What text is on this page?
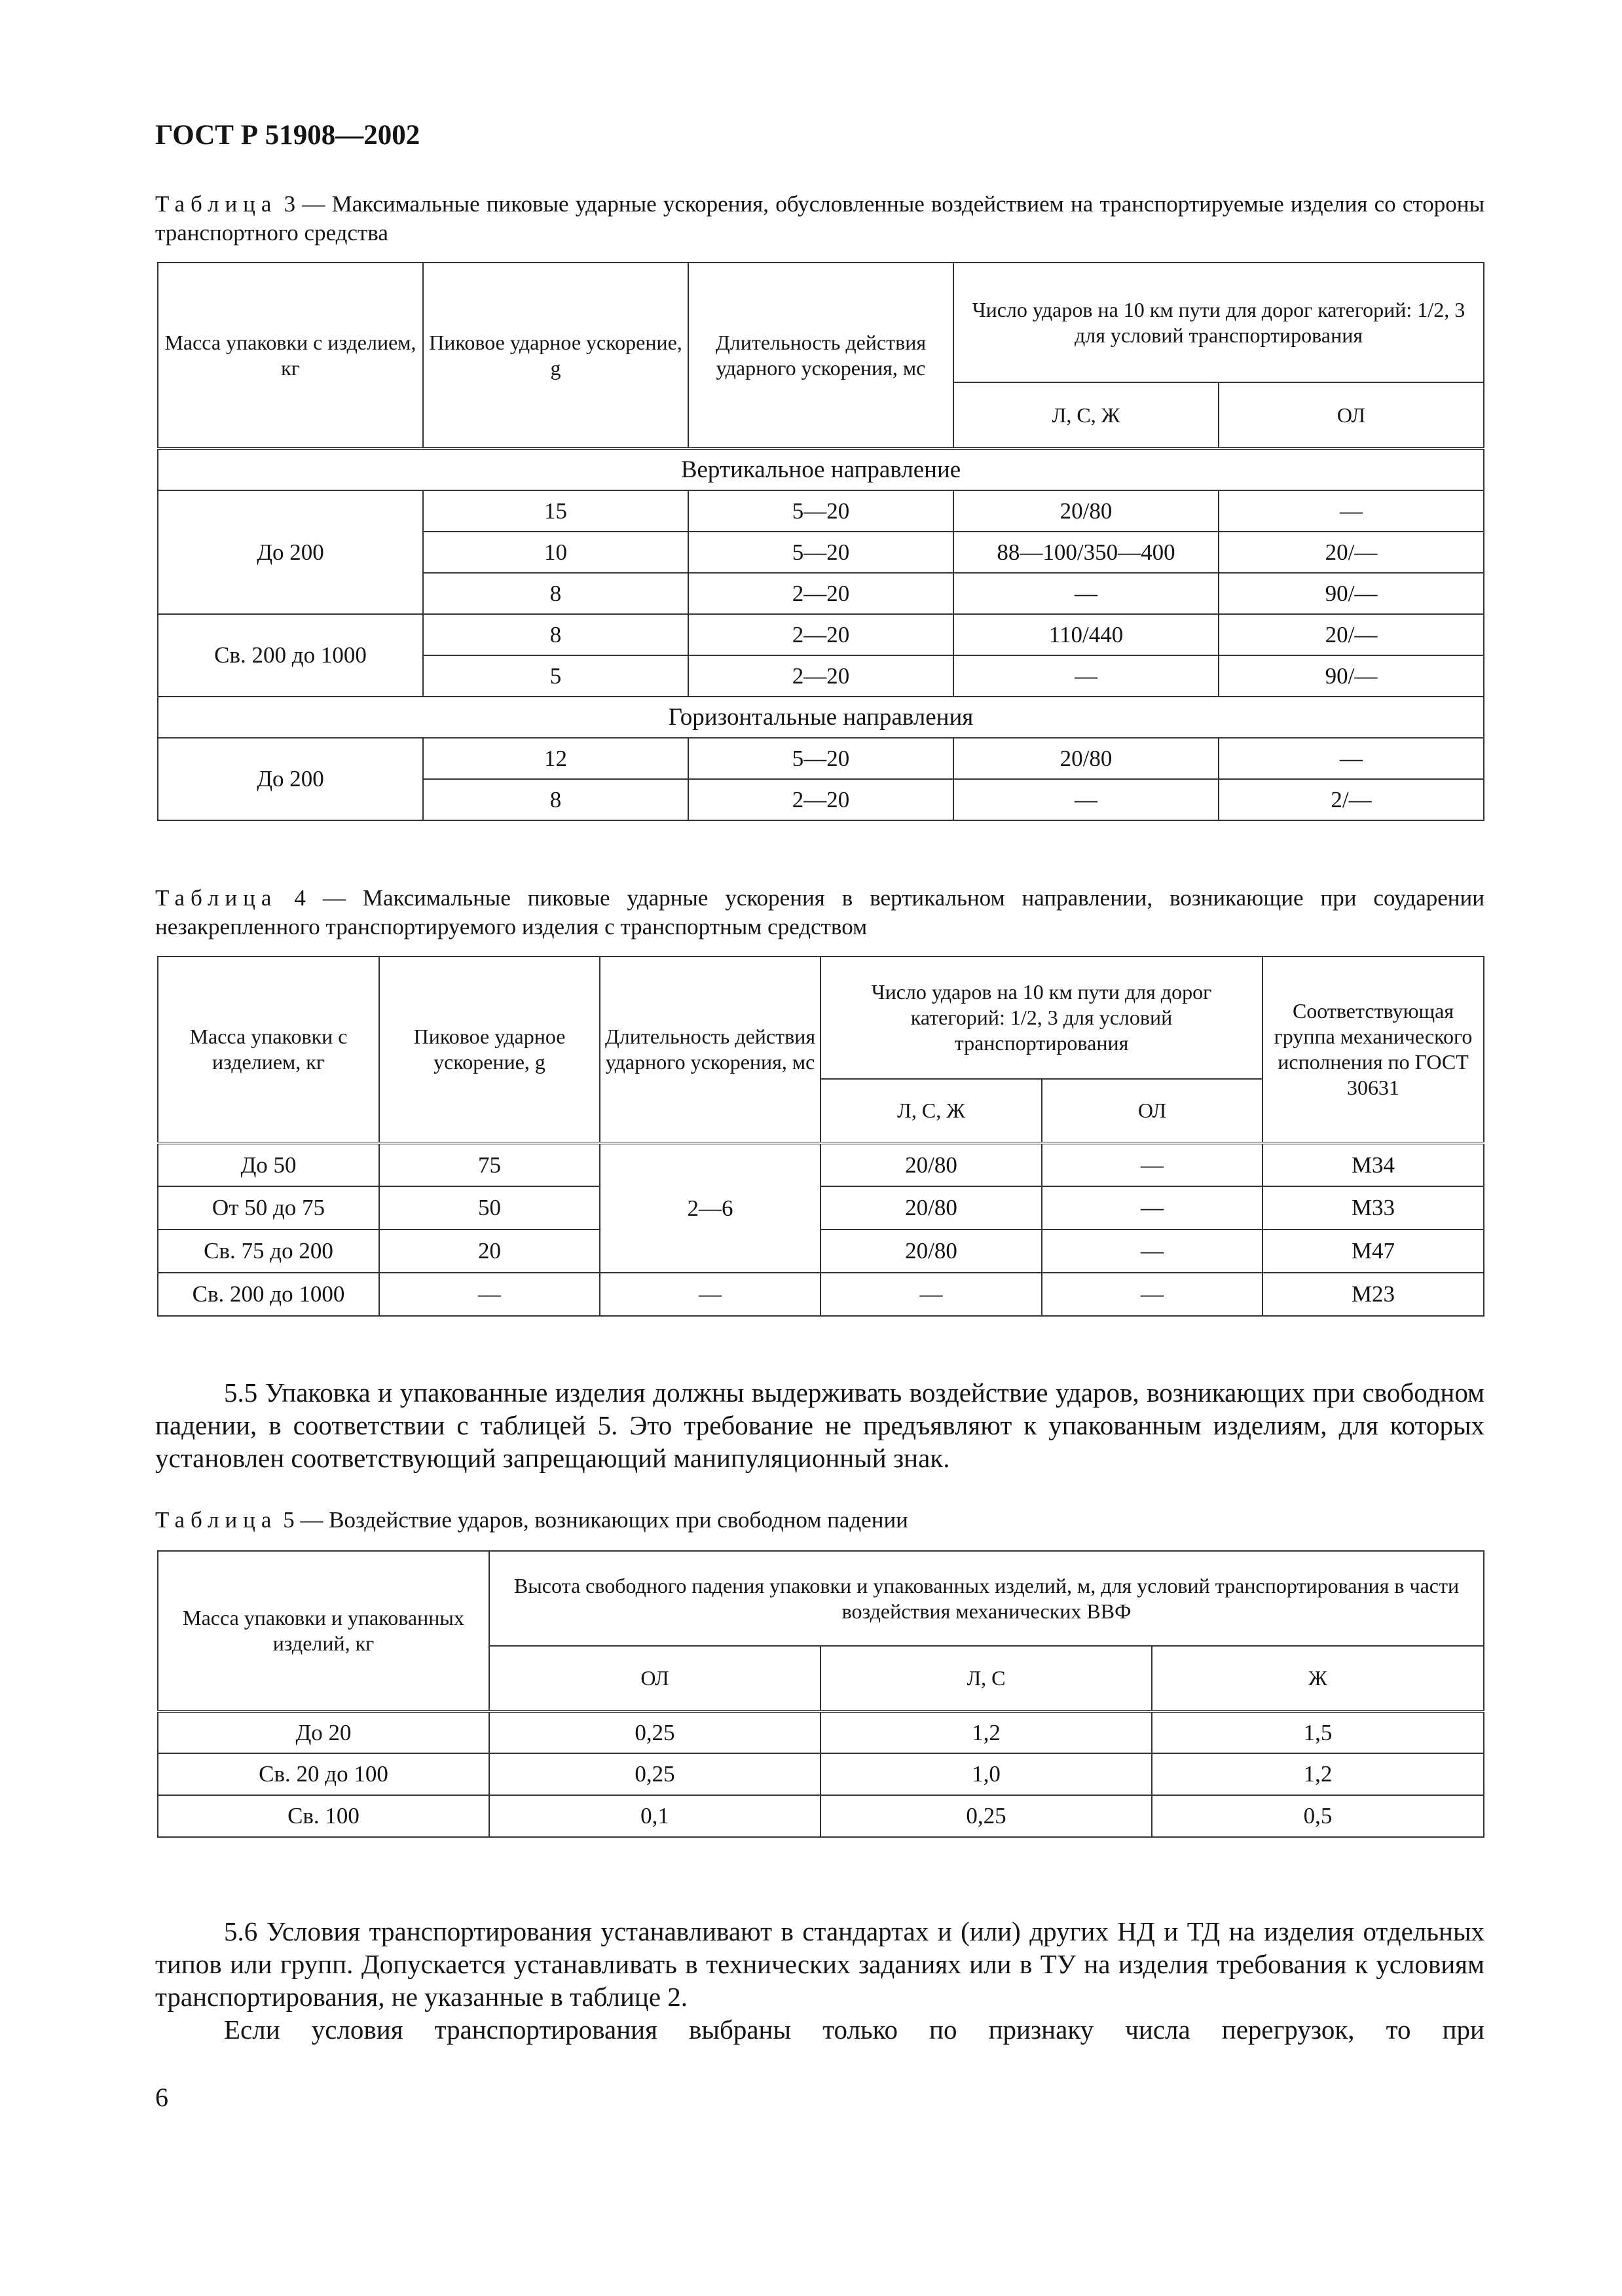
ГОСТ Р 51908—2002
Таблица 3 — Максимальные пиковые ударные ускорения, обусловленные воздействием на транспортируемые изделия со стороны транспортного средства
Масса упаковки с изделием, кг	Пиковое ударное ускорение, g	Длительность действия ударного ускорения, мс	Число ударов на 10 км пути для дорог категорий: 1/2, 3 для условий транспортирования	
			Л, С, Ж	ОЛ
Вертикальное направление				
До 200	15	5—20	20/80	—
	10	5—20	88—100/350—400	20/—
	8	2—20	—	90/—
Св. 200 до 1000	8	2—20	110/440	20/—
	5	2—20	—	90/—
Горизонтальные направления				
До 200	12	5—20	20/80	—
	8	2—20	—	2/—
Таблица 4 — Максимальные пиковые ударные ускорения в вертикальном направлении, возникающие при соударении незакрепленного транспортируемого изделия с транспортным средством
Масса упаковки с изделием, кг	Пиковое ударное ускорение, g	Длительность действия ударного ускорения, мс	Число ударов на 10 км пути для дорог категорий: 1/2, 3 для условий транспортирования		Соответствующая группа механического исполнения по ГОСТ 30631
			Л, С, Ж	ОЛ	
До 50	75	2—6	20/80	—	М34
От 50 до 75	50		20/80	—	М33
Св. 75 до 200	20		20/80	—	М47
Св. 200 до 1000	—	—	—	—	М23
5.5 Упаковка и упакованные изделия должны выдерживать воздействие ударов, возникающих при свободном падении, в соответствии с таблицей 5. Это требование не предъявляют к упакованным изделиям, для которых установлен соответствующий запрещающий манипуляционный знак.
Таблица 5 — Воздействие ударов, возникающих при свободном падении
Масса упаковки и упакованных изделий, кг	Высота свободного падения упаковки и упакованных изделий, м, для условий транспортирования в части воздействия механических ВВФ		
	ОЛ	Л, С	Ж
До 20	0,25	1,2	1,5
Св. 20 до 100	0,25	1,0	1,2
Св. 100	0,1	0,25	0,5
5.6 Условия транспортирования устанавливают в стандартах и (или) других НД и ТД на изделия отдельных типов или групп. Допускается устанавливать в технических заданиях или в ТУ на изделия требования к условиям транспортирования, не указанные в таблице 2.
Если условия транспортирования выбраны только по признаку числа перегрузок, то при
6
